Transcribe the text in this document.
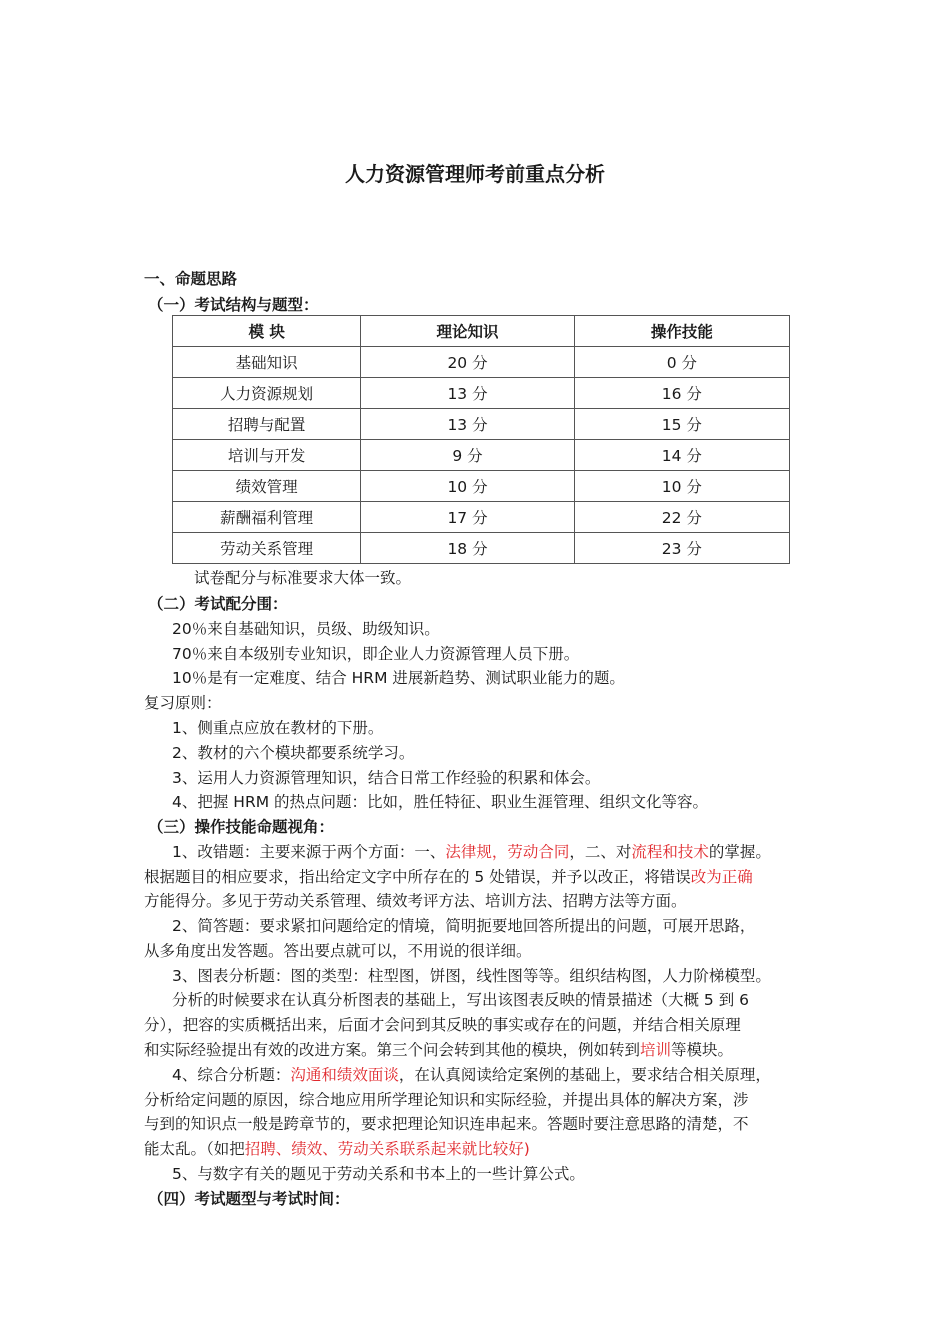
人力资源管理师考前重点分析
一、命题思路
（一）考试结构与题型：
模 块	理论知识	操作技能
基础知识	20 分	0 分
人力资源规划	13 分	16 分
招聘与配置	13 分	15 分
培训与开发	9 分	14 分
绩效管理	10 分	10 分
薪酬福利管理	17 分	22 分
劳动关系管理	18 分	23 分
试卷配分与标准要求大体一致。
（二）考试配分围：
20％来自基础知识，员级、助级知识。
70％来自本级别专业知识，即企业人力资源管理人员下册。
10％是有一定难度、结合 HRM 进展新趋势、测试职业能力的题。
复习原则：
1、侧重点应放在教材的下册。
2、教材的六个模块都要系统学习。
3、运用人力资源管理知识，结合日常工作经验的积累和体会。
4、把握 HRM 的热点问题：比如，胜任特征、职业生涯管理、组织文化等容。
（三）操作技能命题视角：
1、改错题：主要来源于两个方面：一、法律规，劳动合同，二、对流程和技术的掌握。
根据题目的相应要求，指出给定文字中所存在的 5 处错误，并予以改正，将错误改为正确
方能得分。多见于劳动关系管理、绩效考评方法、培训方法、招聘方法等方面。
2、简答题：要求紧扣问题给定的情境，简明扼要地回答所提出的问题，可展开思路，
从多角度出发答题。答出要点就可以，不用说的很详细。
3、图表分析题：图的类型：柱型图，饼图，线性图等等。组织结构图，人力阶梯模型。
分析的时候要求在认真分析图表的基础上，写出该图表反映的情景描述（大概 5 到 6
分），把容的实质概括出来，后面才会问到其反映的事实或存在的问题，并结合相关原理
和实际经验提出有效的改进方案。第三个问会转到其他的模块，例如转到培训等模块。
4、综合分析题：沟通和绩效面谈，在认真阅读给定案例的基础上，要求结合相关原理，
分析给定问题的原因，综合地应用所学理论知识和实际经验，并提出具体的解决方案，涉
与到的知识点一般是跨章节的，要求把理论知识连串起来。答题时要注意思路的清楚，不
能太乱。（如把招聘、绩效、劳动关系联系起来就比较好)
5、与数字有关的题见于劳动关系和书本上的一些计算公式。
（四）考试题型与考试时间：
